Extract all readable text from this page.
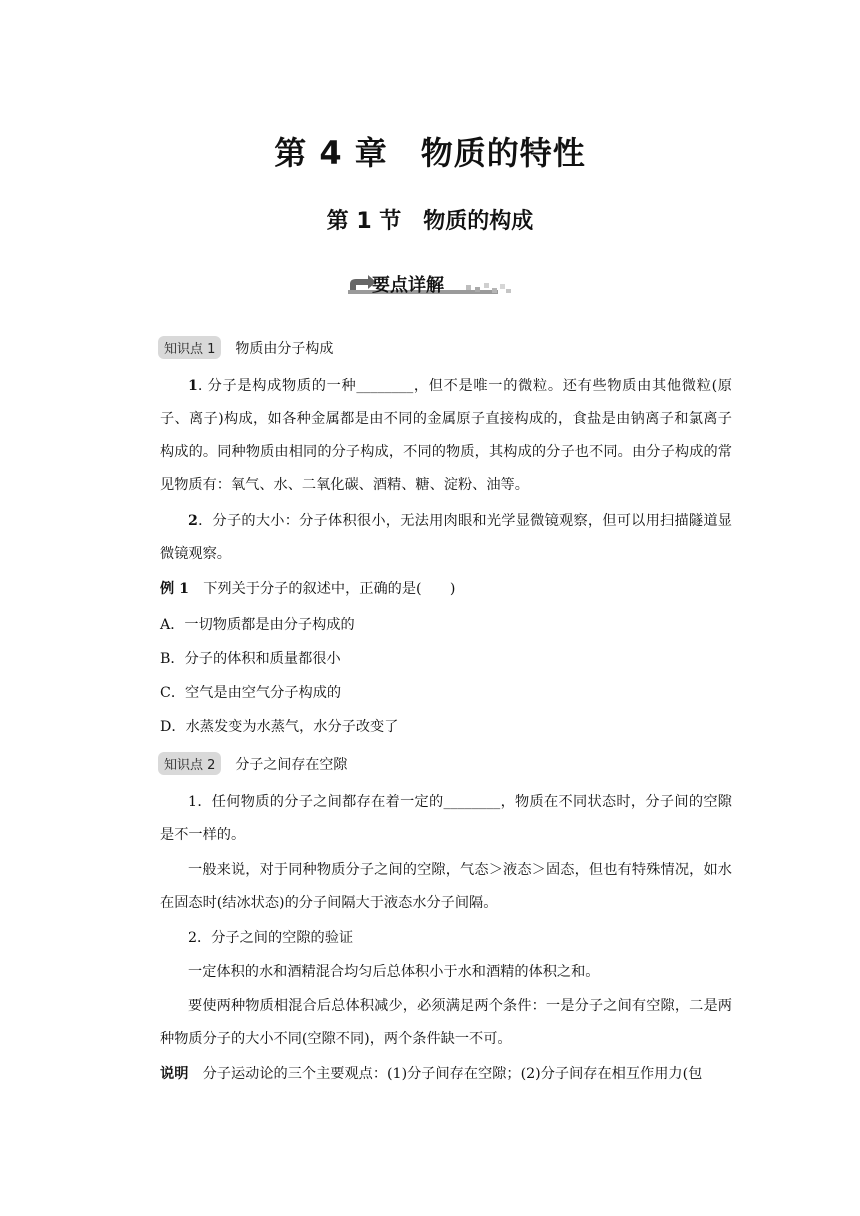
第 4 章　物质的特性
第 1 节　物质的构成
要点详解
知识点 1	物质由分子构成
1. 分子是构成物质的一种________，但不是唯一的微粒。还有些物质由其他微粒(原子、离子)构成，如各种金属都是由不同的金属原子直接构成的，食盐是由钠离子和氯离子构成的。同种物质由相同的分子构成，不同的物质，其构成的分子也不同。由分子构成的常见物质有：氧气、水、二氧化碳、酒精、糖、淀粉、油等。
2．分子的大小：分子体积很小，无法用肉眼和光学显微镜观察，但可以用扫描隧道显微镜观察。
例 1　下列关于分子的叙述中，正确的是(　　)
A．一切物质都是由分子构成的
B．分子的体积和质量都很小
C．空气是由空气分子构成的
D．水蒸发变为水蒸气，水分子改变了
知识点 2	分子之间存在空隙
1．任何物质的分子之间都存在着一定的________，物质在不同状态时，分子间的空隙是不一样的。
一般来说，对于同种物质分子之间的空隙，气态＞液态＞固态，但也有特殊情况，如水在固态时(结冰状态)的分子间隔大于液态水分子间隔。
2．分子之间的空隙的验证
一定体积的水和酒精混合均匀后总体积小于水和酒精的体积之和。
要使两种物质相混合后总体积减少，必须满足两个条件：一是分子之间有空隙，二是两种物质分子的大小不同(空隙不同)，两个条件缺一不可。
说明　分子运动论的三个主要观点：(1)分子间存在空隙；(2)分子间存在相互作用力(包
